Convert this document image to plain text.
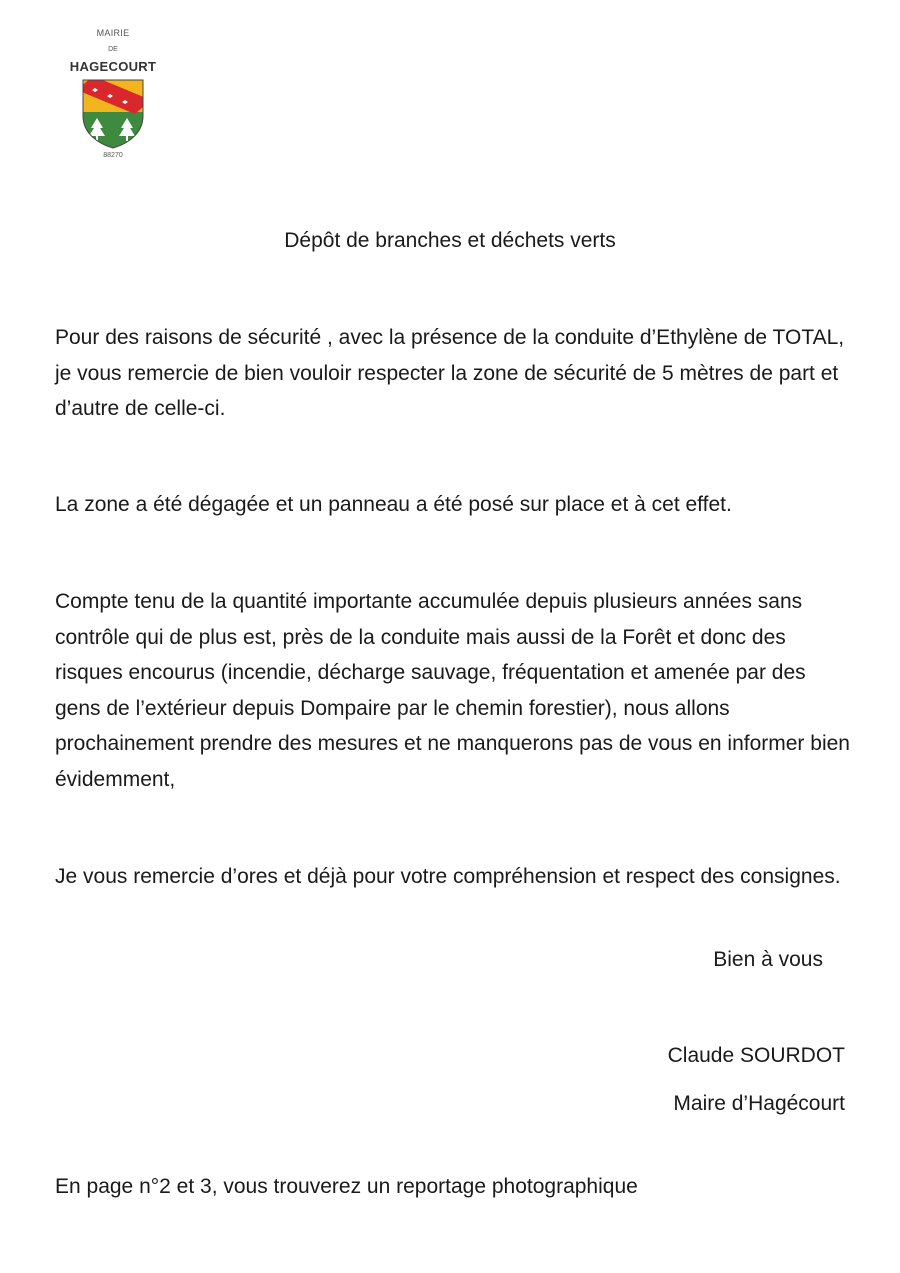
MAIRIE
DE
HAGECOURT
88270
Dépôt de branches et déchets verts

Pour des raisons de sécurité , avec la présence de la conduite d’Ethylène de TOTAL, je vous remercie de bien vouloir respecter la zone de sécurité de 5 mètres de part et d’autre de celle-ci.

La zone a été dégagée et un panneau a été posé sur place et à cet effet.

Compte tenu de la quantité importante accumulée depuis plusieurs années sans contrôle qui de plus est, près de la conduite mais aussi de la Forêt et donc des risques encourus (incendie, décharge sauvage, fréquentation et amenée par des gens de l’extérieur depuis Dompaire par le chemin forestier), nous allons prochainement prendre des mesures et ne manquerons pas de vous en informer bien évidemment,

Je vous remercie d’ores et déjà pour votre compréhension et respect des consignes.

Bien à vous

Claude SOURDOT

Maire d’Hagécourt

En page n°2 et 3, vous trouverez un reportage photographique
